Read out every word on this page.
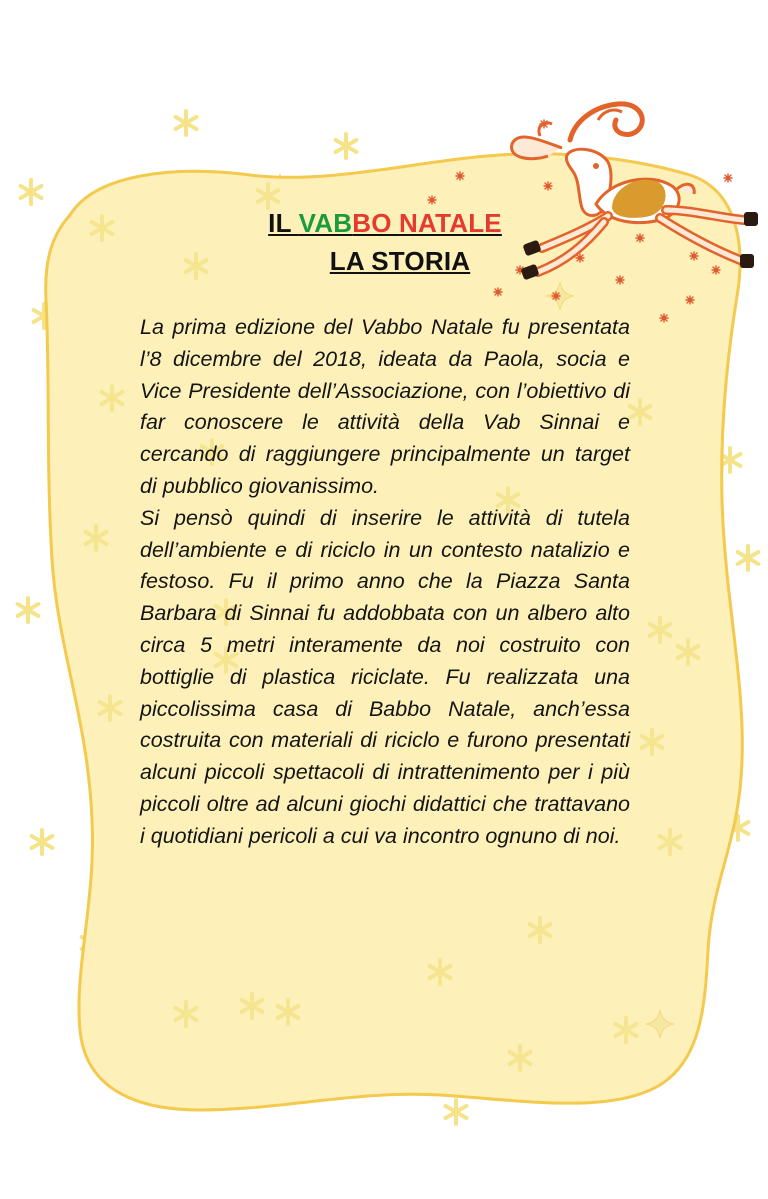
IL VABBO NATALE
LA STORIA

La prima edizione del Vabbo Natale fu presentata l’8 dicembre del 2018, ideata da Paola, socia e Vice Presidente dell’Associazione, con l’obiettivo di far conoscere le attività della Vab Sinnai e cercando di raggiungere principalmente un target di pubblico giovanissimo.

Si pensò quindi di inserire le attività di tutela dell’ambiente e di riciclo in un contesto natalizio e festoso. Fu il primo anno che la Piazza Santa Barbara di Sinnai fu addobbata con un albero alto circa 5 metri interamente da noi costruito con bottiglie di plastica riciclate. Fu realizzata una piccolissima casa di Babbo Natale, anch’essa costruita con materiali di riciclo e furono presentati alcuni piccoli spettacoli di intrattenimento per i più piccoli oltre ad alcuni giochi didattici che trattavano i quotidiani pericoli a cui va incontro ognuno di noi.
